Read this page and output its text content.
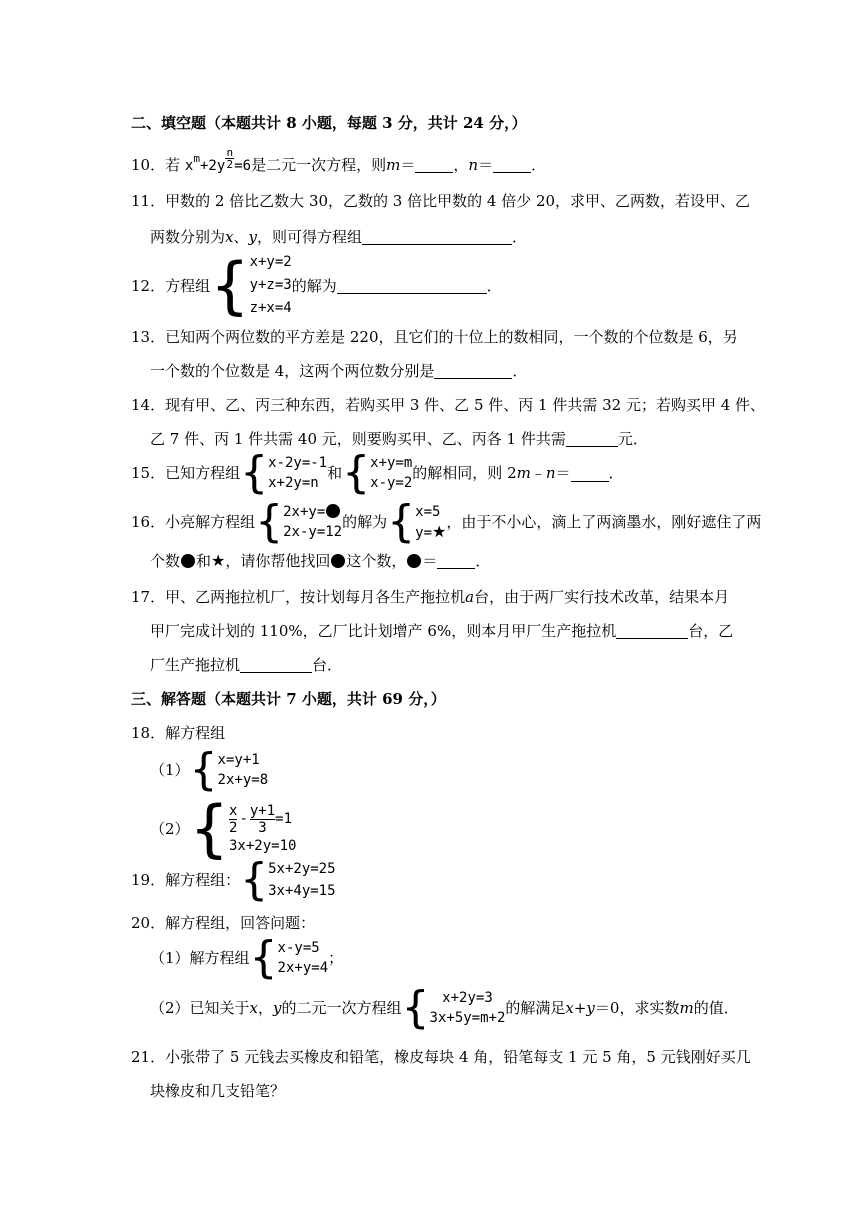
二、填空题（本题共计 8 小题，每题 3 分，共计 24 分，）
10．若 $x^m+2y \frac{n}{2} =6$是二元一次方程，则m＝	，n＝	．
11．甲数的 2 倍比乙数大 30，乙数的 3 倍比甲数的 4 倍少 20，求甲、乙两数，若设甲、乙
两数分别为x、y，则可得方程组	．
12．方程组 { x+y=2
y+z=3
z+x=4
的解为	．
13．已知两个两位数的平方差是 220，且它们的十位上的数相同，一个数的个位数是 6，另
一个数的个位数是 4，这两个两位数分别是	．
14．现有甲、乙、丙三种东西，若购买甲 3 件、乙 5 件、丙 1 件共需 32 元；若购买甲 4 件、
乙 7 件、丙 1 件共需 40 元，则要购买甲、乙、丙各 1 件共需	元．
15．已知方程组 { x-2y=-1
x+2y=n
和 { x+y=m
x-y=2
的解相同，则 2m﹣n＝	．
16．小亮解方程组 { 2x+y=
2x-y=12
的解为 { x=5
y=★ ，由于不小心，滴上了两滴墨水，刚好遮住了两
个数 和★，请你帮他找回 这个数， ＝	．
17．甲、乙两拖拉机厂，按计划每月各生产拖拉机a台，由于两厂实行技术改革，结果本月
甲厂完成计划的 110%，乙厂比计划增产 6%，则本月甲厂生产拖拉机	台，乙
厂生产拖拉机	台．
三、解答题（本题共计 7 小题，共计 69 分，）
18．解方程组
（1） { x=y+1
2x+y=8
（2） { $\frac{x}{2} - \frac{y+1}{3} =1$
3x+2y=10
19．解方程组： { 5x+2y=25
3x+4y=15
20．解方程组，回答问题：
（1）解方程组 { x-y=5
2x+y=4
；
（2）已知关于x，y的二元一次方程组 { x+2y=3
3x+5y=m+2
的解满足x+y＝0，求实数m的值．
21．小张带了 5 元钱去买橡皮和铅笔，橡皮每块 4 角，铅笔每支 1 元 5 角，5 元钱刚好买几
块橡皮和几支铅笔？
